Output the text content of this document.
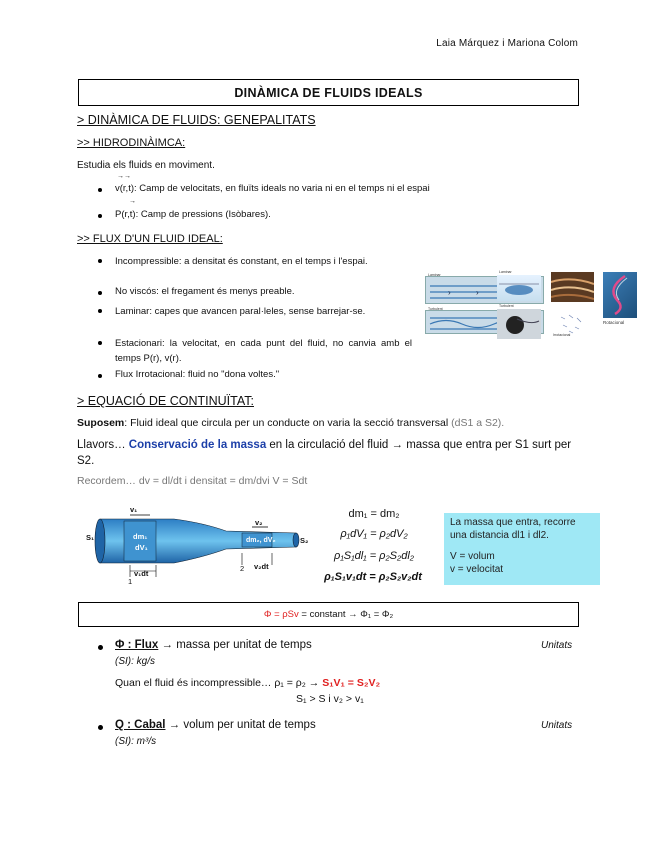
Laia Márquez i Mariona Colom
DINÀMICA DE FLUIDS IDEALS
> DINÀMICA DE FLUIDS: GENEPALITATS
>> HIDRODINÀIMCA:
Estudia els fluids en moviment.
→→
v(r,t): Camp de velocitats, en fluïts ideals no varia ni en el temps ni el espai
→
P(r,t): Camp de pressions (Isòbares).
>> FLUX D'UN FLUID IDEAL:
Incompressible: a densitat és constant, en el temps i l'espai.
No viscós: el fregament és menys preable.
Laminar: capes que avancen paral·leles, sense barrejar-se.
Estacionari: la velocitat, en cada punt del fluid, no canvia amb el temps P(r), v(r).
Flux Irrotacional: fluid no "dona voltes."
›	›
Laminar
Turbulent
Laminar
Turbulent
Irrotacional
Rotacional
> EQUACIÓ DE CONTINUÏTAT:
Suposem: Fluid ideal que circula per un conducte on varia la secció transversal (dS1 a S2).
Llavors… Conservació de la massa en la circulació del fluid → massa que entra per S1 surt per S2.
Recordem… dv = dl/dt i densitat = dm/dvi V = Sdt
v₁
S₁	dm₁
dV₁
v₁dt
1
v₂
dm₂, dV₂	S₂
2 v₂dt
dm₁ = dm₂
ρ₁dV₁ = ρ₂dV₂
ρ₁S₁dl₁ = ρ₂S₂dl₂
ρ₁S₁v₁dt = ρ₂S₂v₂dt
La massa que entra, recorre una distancia dl1 i dl2.
V = volum
v = velocitat
Φ = ρSv = constant → Φ₁ = Φ₂
Φ : Flux → massa per unitat de temps	Unitats
(SI): kg/s
Quan el fluid és incompressible… ρ₁ = ρ₂ → S₁V₁ = S₂V₂
S₁ > S i v₂ > v₁
Q : Cabal → volum per unitat de temps	Unitats
(SI): m³/s
